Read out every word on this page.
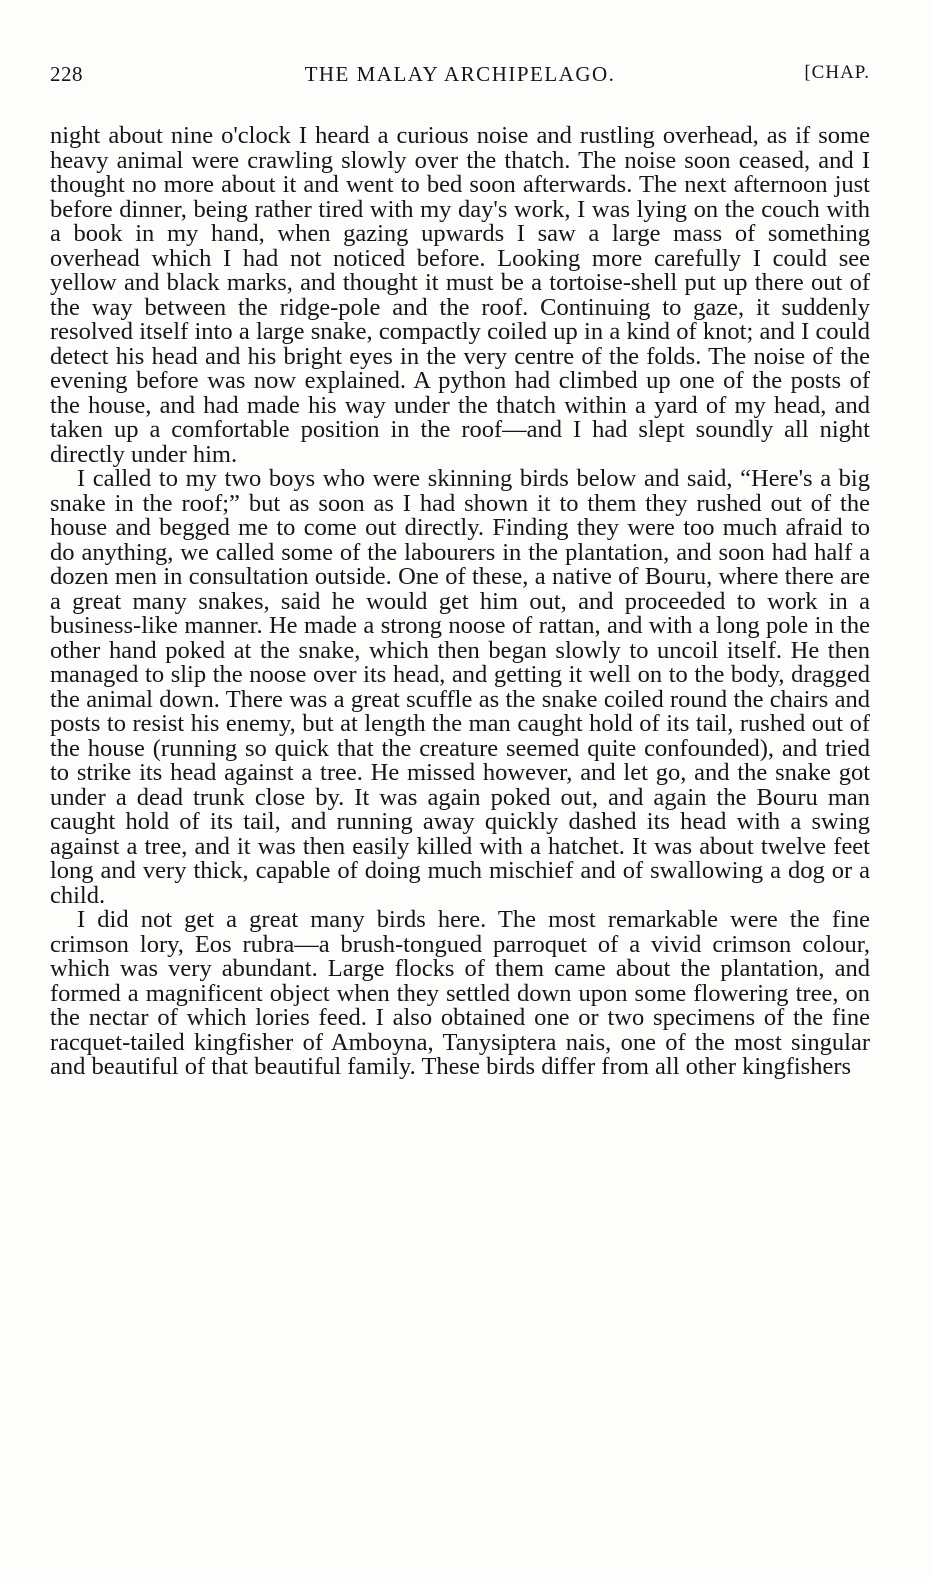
228	THE MALAY ARCHIPELAGO.	[CHAP.

night about nine o'clock I heard a curious noise and rustling overhead, as if some heavy animal were crawling slowly over the thatch. The noise soon ceased, and I thought no more about it and went to bed soon afterwards. The next afternoon just before dinner, being rather tired with my day's work, I was lying on the couch with a book in my hand, when gazing upwards I saw a large mass of something overhead which I had not noticed before. Looking more carefully I could see yellow and black marks, and thought it must be a tortoise-shell put up there out of the way between the ridge-pole and the roof. Continuing to gaze, it suddenly resolved itself into a large snake, compactly coiled up in a kind of knot; and I could detect his head and his bright eyes in the very centre of the folds. The noise of the evening before was now explained. A python had climbed up one of the posts of the house, and had made his way under the thatch within a yard of my head, and taken up a comfortable position in the roof—and I had slept soundly all night directly under him.

I called to my two boys who were skinning birds below and said, “Here's a big snake in the roof;” but as soon as I had shown it to them they rushed out of the house and begged me to come out directly. Finding they were too much afraid to do anything, we called some of the labourers in the plantation, and soon had half a dozen men in consultation outside. One of these, a native of Bouru, where there are a great many snakes, said he would get him out, and proceeded to work in a business-like manner. He made a strong noose of rattan, and with a long pole in the other hand poked at the snake, which then began slowly to uncoil itself. He then managed to slip the noose over its head, and getting it well on to the body, dragged the animal down. There was a great scuffle as the snake coiled round the chairs and posts to resist his enemy, but at length the man caught hold of its tail, rushed out of the house (running so quick that the creature seemed quite confounded), and tried to strike its head against a tree. He missed however, and let go, and the snake got under a dead trunk close by. It was again poked out, and again the Bouru man caught hold of its tail, and running away quickly dashed its head with a swing against a tree, and it was then easily killed with a hatchet. It was about twelve feet long and very thick, capable of doing much mischief and of swallowing a dog or a child.

I did not get a great many birds here. The most remarkable were the fine crimson lory, Eos rubra—a brush-tongued parroquet of a vivid crimson colour, which was very abundant. Large flocks of them came about the plantation, and formed a magnificent object when they settled down upon some flowering tree, on the nectar of which lories feed. I also obtained one or two specimens of the fine racquet-tailed kingfisher of Amboyna, Tanysiptera nais, one of the most singular and beautiful of that beautiful family. These birds differ from all other kingfishers
